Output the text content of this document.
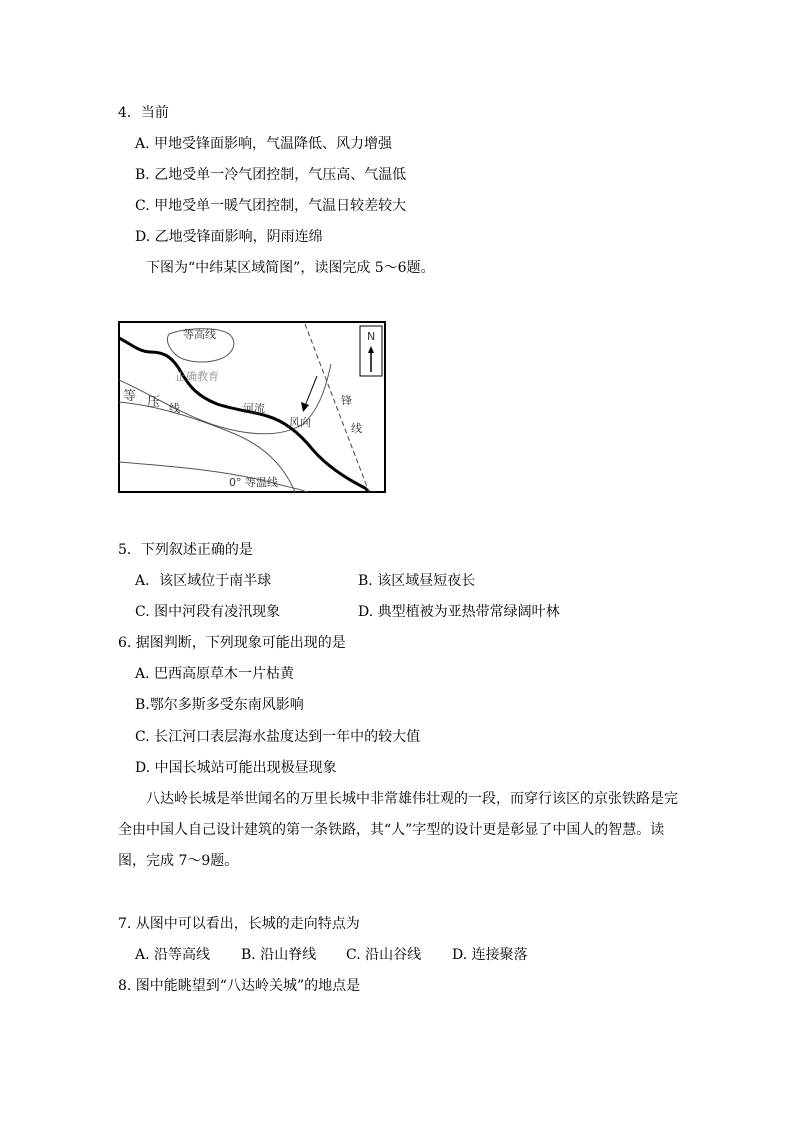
4．当前
A. 甲地受锋面影响，气温降低、风力增强
B. 乙地受单一冷气团控制，气压高、气温低
C. 甲地受单一暖气团控制，气温日较差较大
D. 乙地受锋面影响，阴雨连绵
下图为“中纬某区域简图”，读图完成 5～6题。
N
等高线
正确教育
等 压 线	河流
风向
锋
线
0° 等温线
5．下列叙述正确的是
A．该区域位于南半球	B. 该区域昼短夜长
C. 图中河段有凌汛现象	D. 典型植被为亚热带常绿阔叶林
6. 据图判断，下列现象可能出现的是
A. 巴西高原草木一片枯黄
B.鄂尔多斯多受东南风影响
C. 长江河口表层海水盐度达到一年中的较大值
D. 中国长城站可能出现极昼现象
八达岭长城是举世闻名的万里长城中非常雄伟壮观的一段，而穿行该区的京张铁路是完
全由中国人自己设计建筑的第一条铁路，其“人”字型的设计更是彰显了中国人的智慧。读
图，完成 7～9题。
7. 从图中可以看出，长城的走向特点为
A. 沿等高线 B. 沿山脊线 C. 沿山谷线 D. 连接聚落
8. 图中能眺望到“八达岭关城”的地点是
